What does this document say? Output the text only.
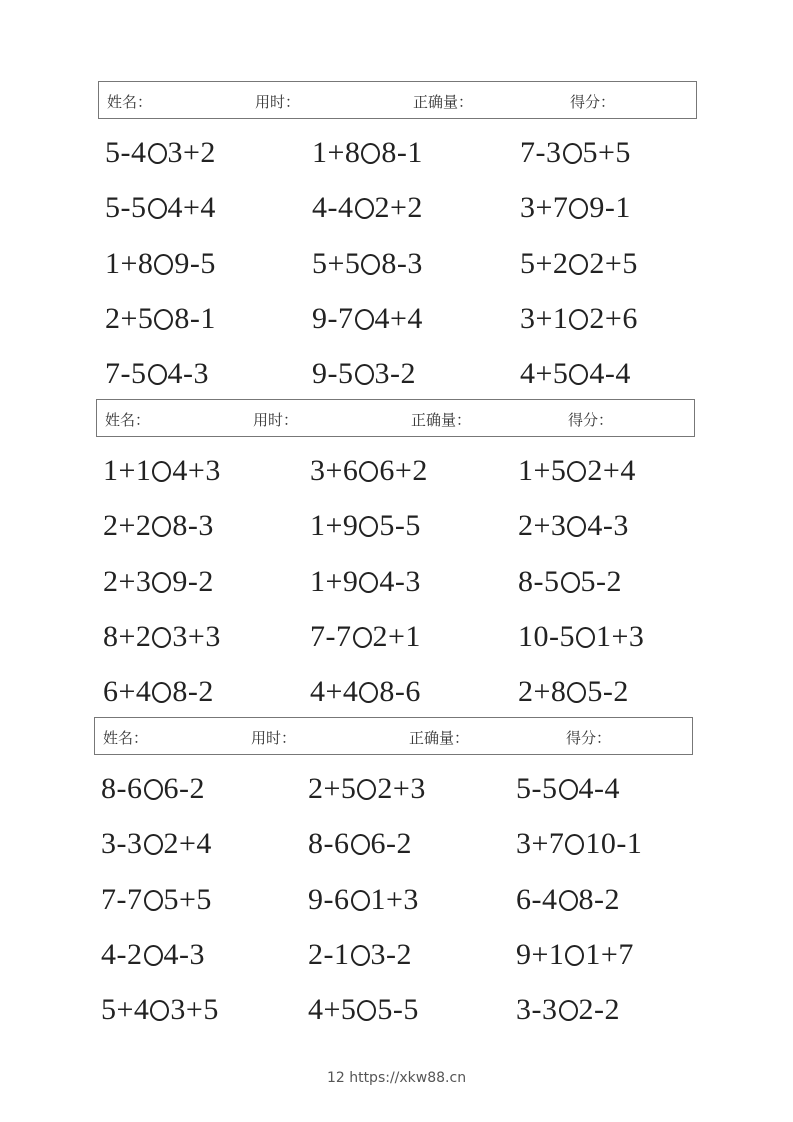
姓名：	用时：	正确量：	得分：
5-4 3+2	1+8 8-1	7-3 5+5
5-5 4+4	4-4 2+2	3+7 9-1
1+8 9-5	5+5 8-3	5+2 2+5
2+5 8-1	9-7 4+4	3+1 2+6
7-5 4-3	9-5 3-2	4+5 4-4
姓名：	用时：	正确量：	得分：
1+1 4+3	3+6 6+2	1+5 2+4
2+2 8-3	1+9 5-5	2+3 4-3
2+3 9-2	1+9 4-3	8-5 5-2
8+2 3+3	7-7 2+1	10-5 1+3
6+4 8-2	4+4 8-6	2+8 5-2
姓名：	用时：	正确量：	得分：
8-6 6-2	2+5 2+3	5-5 4-4
3-3 2+4	8-6 6-2	3+7 10-1
7-7 5+5	9-6 1+3	6-4 8-2
4-2 4-3	2-1 3-2	9+1 1+7
5+4 3+5	4+5 5-5	3-3 2-2
12 https://xkw88.cn
